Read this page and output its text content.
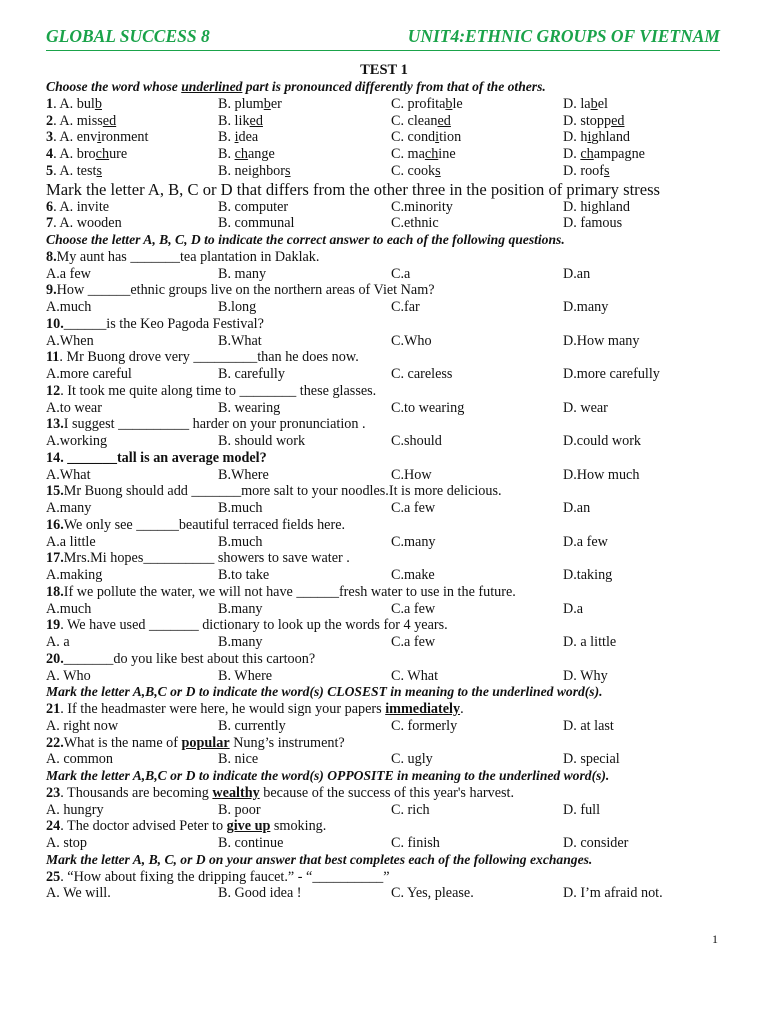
GLOBAL SUCCESS 8	UNIT4:ETHNIC GROUPS OF VIETNAM
TEST 1
Choose the word whose underlined part is pronounced differently from that of the others.
1. A. bulb	B. plumber	C. profitable	D. label
2. A. missed	B. liked	C. cleaned	D. stopped
3. A. environment	B. idea	C. condition	D. highland
4. A. brochure	B. change	C. machine	D. champagne
5. A. tests	B. neighbors	C. cooks	D. roofs
Mark the letter A, B, C or D that differs from the other three in the position of primary stress
6. A. invite	B. computer	C.minority	D. highland
7. A. wooden	B. communal	C.ethnic	D. famous
Choose the letter A, B, C, D to indicate the correct answer to each of the following questions.
8.My aunt has _______tea plantation in Daklak.
A.a few	B. many	C.a	D.an
9.How ______ethnic groups live on the northern areas of Viet Nam?
A.much	B.long	C.far	D.many
10.______is the Keo Pagoda Festival?
A.When	B.What	C.Who	D.How many
11. Mr Buong drove very _________than he does now.
A.more careful	B. carefully	C. careless	D.more carefully
12. It took me quite along time to ________ these glasses.
A.to wear	B. wearing	C.to wearing	D. wear
13.I suggest __________ harder on your pronunciation .
A.working	B. should work	C.should	D.could work
14. _______tall is an average model?
A.What	B.Where	C.How	D.How much
15.Mr Buong should add _______more salt to your noodles.It is more delicious.
A.many	B.much	C.a few	D.an
16.We only see ______beautiful terraced fields here.
A.a little	B.much	C.many	D.a few
17.Mrs.Mi hopes__________ showers to save water .
A.making	B.to take	C.make	D.taking
18.If we pollute the water, we will not have ______fresh water to use in the future.
A.much	B.many	C.a few	D.a
19. We have used _______ dictionary to look up the words for 4 years.
A. a	B.many	C.a few	D. a little
20._______do you like best about this cartoon?
A. Who	B. Where	C. What	D. Why
Mark the letter A,B,C or D to indicate the word(s) CLOSEST in meaning to the underlined word(s).
21. If the headmaster were here, he would sign your papers immediately.
A. right now	B. currently	C. formerly	D. at last
22.What is the name of popular Nung’s instrument?
A. common	B. nice	C. ugly	D. special
Mark the letter A,B,C or D to indicate the word(s) OPPOSITE in meaning to the underlined word(s).
23. Thousands are becoming wealthy because of the success of this year's harvest.
A. hungry	B. poor	C. rich	D. full
24. The doctor advised Peter to give up smoking.
A. stop	B. continue	C. finish	D. consider
Mark the letter A, B, C, or D on your answer that best completes each of the following exchanges.
25. “How about fixing the dripping faucet.” - “__________”
A. We will.	B. Good idea !	C. Yes, please.	D. I’m afraid not.
1
